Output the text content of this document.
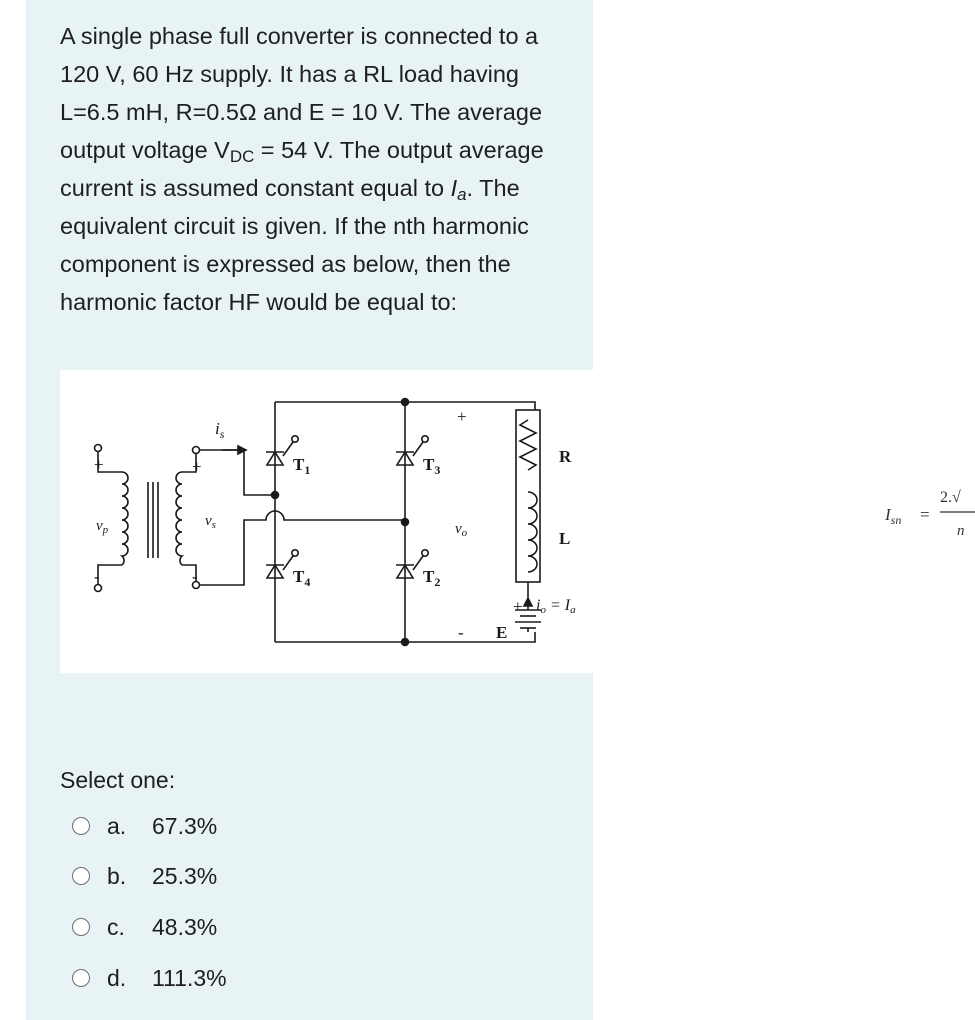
A single phase full converter is connected to a 120 V, 60 Hz supply. It has a RL load having L=6.5 mH, R=0.5Ω and E = 10 V. The average output voltage $V_{DC} = 54$ V. The output average current is assumed constant equal to $I_a$. The equivalent circuit is given. If the nth harmonic component is expressed as below, then the harmonic factor HF would be equal to:

+
$v_p$
-
+
$v_s$
-
$i_s$
$T_1$	$T_3$
$T_4$	$T_2$
+
$v_o$
-
R
L
E
+ io = Ia
$I_{sn}$ =
2.√
n
Select one:
a.	67.3%
b.	25.3%
c.	48.3%
d.	111.3%
